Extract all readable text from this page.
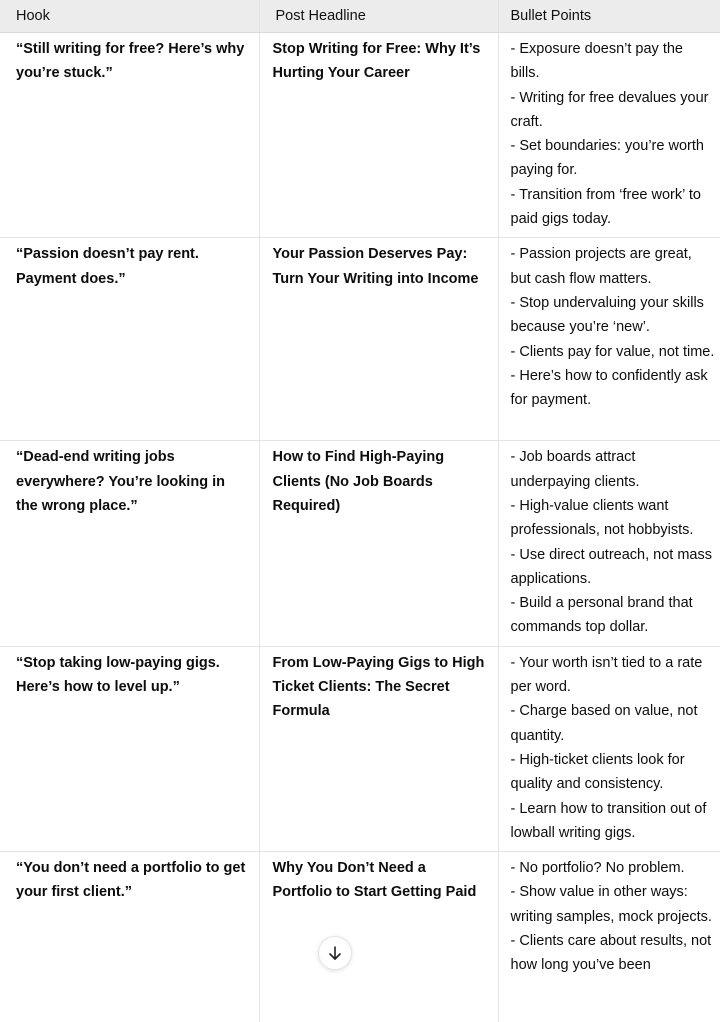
Hook	Post Headline	Bullet Points
“Still writing for free? Here’s why you’re stuck.”	Stop Writing for Free: Why It’s Hurting Your Career	- Exposure doesn’t pay the bills.
- Writing for free devalues your craft.
- Set boundaries: you’re worth paying for.
- Transition from ‘free work’ to paid gigs today.

“Passion doesn’t pay rent. Payment does.”	Your Passion Deserves Pay: Turn Your Writing into Income	- Passion projects are great, but cash flow matters.
- Stop undervaluing your skills because you’re ‘new’.
- Clients pay for value, not time.
- Here’s how to confidently ask for payment.

“Dead-end writing jobs everywhere? You’re looking in the wrong place.”	How to Find High-Paying Clients (No Job Boards Required)	- Job boards attract underpaying clients.
- High-value clients want professionals, not hobbyists.
- Use direct outreach, not mass applications.
- Build a personal brand that commands top dollar.

“Stop taking low-paying gigs. Here’s how to level up.”	From Low-Paying Gigs to High Ticket Clients: The Secret Formula	- Your worth isn’t tied to a rate per word.
- Charge based on value, not quantity.
- High-ticket clients look for quality and consistency.
- Learn how to transition out of lowball writing gigs.

“You don’t need a portfolio to get your first client.”	Why You Don’t Need a Portfolio to Start Getting Paid	- No portfolio? No problem.
- Show value in other ways: writing samples, mock projects.
- Clients care about results, not how long you’ve been
